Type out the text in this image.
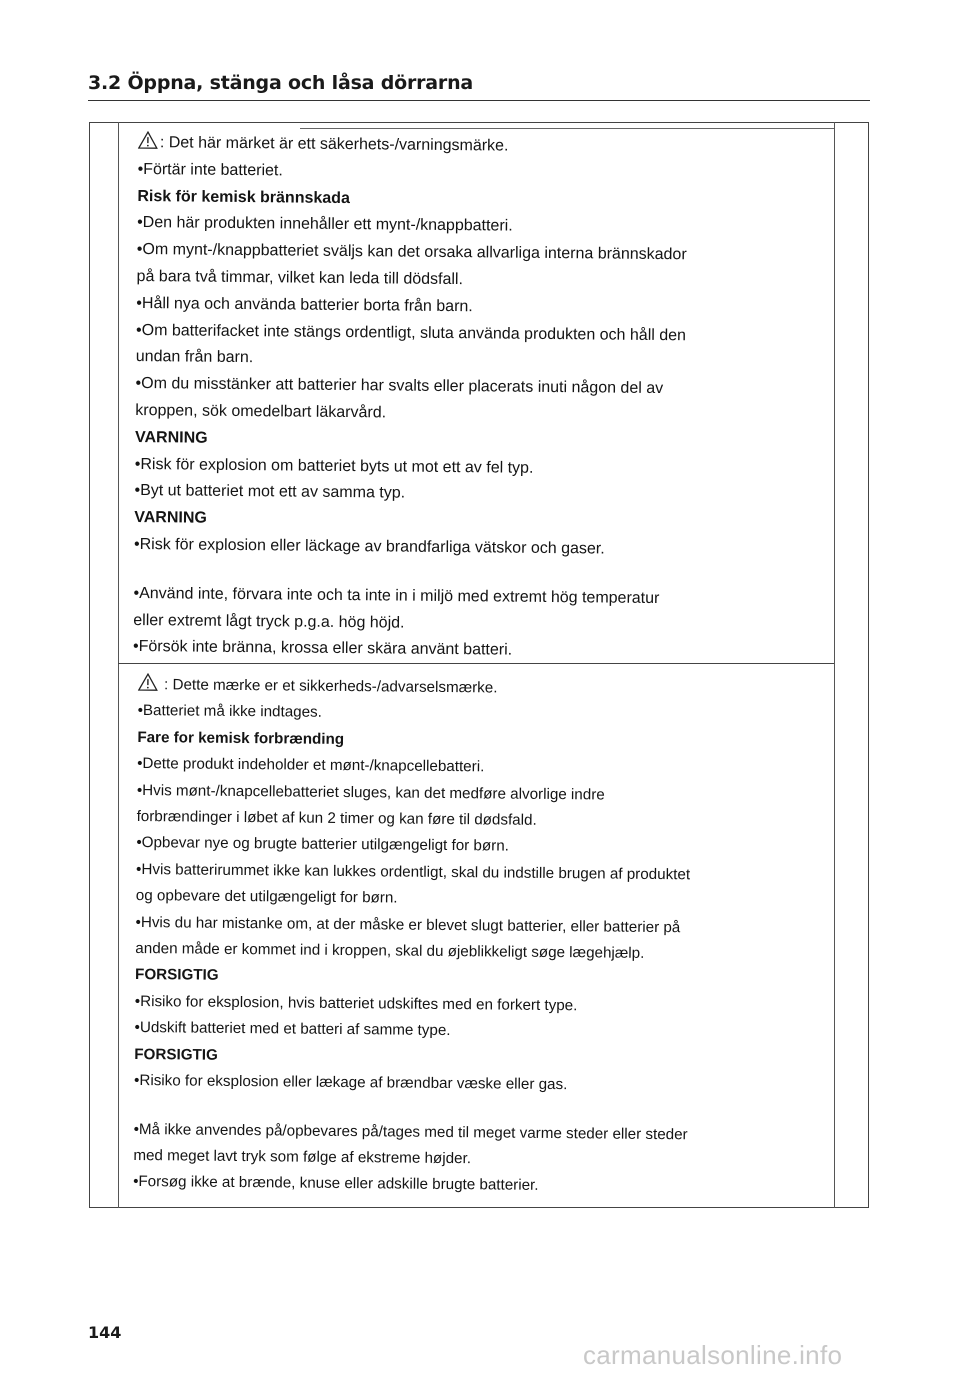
3.2 Öppna, stänga och låsa dörrarna
: Det här märket är ett säkerhets-/varningsmärke.
•Förtär inte batteriet.
Risk för kemisk brännskada
•Den här produkten innehåller ett mynt-/knappbatteri.
•Om mynt-/knappbatteriet sväljs kan det orsaka allvarliga interna brännskador
på bara två timmar, vilket kan leda till dödsfall.
•Håll nya och använda batterier borta från barn.
•Om batterifacket inte stängs ordentligt, sluta använda produkten och håll den
undan från barn.
•Om du misstänker att batterier har svalts eller placerats inuti någon del av
kroppen, sök omedelbart läkarvård.
VARNING
•Risk för explosion om batteriet byts ut mot ett av fel typ.
•Byt ut batteriet mot ett av samma typ.
VARNING
•Risk för explosion eller läckage av brandfarliga vätskor och gaser.
•Använd inte, förvara inte och ta inte in i miljö med extremt hög temperatur
eller extremt lågt tryck p.g.a. hög höjd.
•Försök inte bränna, krossa eller skära använt batteri.
: Dette mærke er et sikkerheds-/advarselsmærke.
•Batteriet må ikke indtages.
Fare for kemisk forbrænding
•Dette produkt indeholder et mønt-/knapcellebatteri.
•Hvis mønt-/knapcellebatteriet sluges, kan det medføre alvorlige indre
forbrændinger i løbet af kun 2 timer og kan føre til dødsfald.
•Opbevar nye og brugte batterier utilgængeligt for børn.
•Hvis batterirummet ikke kan lukkes ordentligt, skal du indstille brugen af produktet
og opbevare det utilgængeligt for børn.
•Hvis du har mistanke om, at der måske er blevet slugt batterier, eller batterier på
anden måde er kommet ind i kroppen, skal du øjeblikkeligt søge lægehjælp.
FORSIGTIG
•Risiko for eksplosion, hvis batteriet udskiftes med en forkert type.
•Udskift batteriet med et batteri af samme type.
FORSIGTIG
•Risiko for eksplosion eller lækage af brændbar væske eller gas.
•Må ikke anvendes på/opbevares på/tages med til meget varme steder eller steder
med meget lavt tryk som følge af ekstreme højder.
•Forsøg ikke at brænde, knuse eller adskille brugte batterier.
144
carmanualsonline.info
